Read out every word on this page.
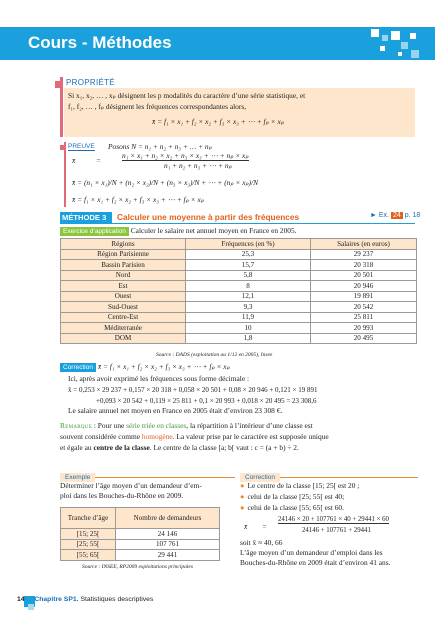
Cours - Méthodes
PROPRIÉTÉ
Si x₁, x₂, … , xₚ désignent les p modalités du caractère d’une série statistique, et
f₁, f₂, … , fₚ désignent les fréquences correspondantes alors,
x̄ = f₁ × x₁ + f₂ × x₂ + f₃ × x₃ + ⋯ + fₚ × xₚ
PREUVE Posons N = n₁ + n₂ + n₃ + … + nₚ
x̄	=
n₁ × x₁ + n₂ × x₂ + n₃ × x₃ + ⋯ + nₚ × xₚ
n₁ + n₂ + n₃ + ⋯ + nₚ
x̄ = (n₁ × x₁)/N + (n₂ × x₂)/N + (n₃ × x₃)/N + ⋯ + (nₚ × xₚ)/N
x̄ = f₁ × x₁ + f₂ × x₂ + f₃ × x₃ + ⋯ + fₚ × xₚ
MÉTHODE 3 Calculer une moyenne à partir des fréquences	► Ex. 24 p. 18
Exercice d’application Calculer le salaire net annuel moyen en France en 2005.
Régions	Fréquences (en %)	Salaires (en euros)
Région Parisienne	25,3	29 237
Bassin Parisien	15,7	20 318
Nord	5,8	20 501
Est	8	20 946
Ouest	12,1	19 891
Sud-Ouest	9,3	20 542
Centre-Est	11,9	25 811
Méditerranée	10	20 993
DOM	1,8	20 495
Source : DADS (exploitation au 1/12 en 2005), Insee
Correction x̄ = f₁ × x₁ + f₂ × x₂ + f₃ × x₃ + ⋯ + fₚ × xₚ
Ici, après avoir exprimé les fréquences sous forme décimale :
x̄ = 0,253 × 29 237 + 0,157 × 20 318 + 0,058 × 20 501 + 0,08 × 20 946 + 0,121 × 19 891
+0,093 × 20 542 + 0,119 × 25 811 + 0,1 × 20 993 + 0,018 × 20 495 = 23 308,6
Le salaire annuel net moyen en France en 2005 était d’environ 23 308 €.
Remarque : Pour une série triée en classes, la répartition à l’intérieur d’une classe est
souvent considérée comme homogène. La valeur prise par le caractère est supposée unique
et égale au centre de la classe. Le centre de la classe [a; b[ vaut : c = (a + b) ÷ 2.
Exemple
Déterminer l’âge moyen d’un demandeur d’em-
ploi dans les Bouches-du-Rhône en 2009.
Tranche d’âge	Nombre de demandeurs
[15; 25[	24 146
[25; 55[	107 761
[55; 65[	29 441
Source : INSEE, RP2009 exploitations principales
Correction
● Le centre de la classe [15; 25[ est 20 ;
● celui de la classe [25; 55[ est 40;
● celui de la classe [55; 65[ est 60.
x̄ =
24146 × 20 + 107761 × 40 + 29441 × 60
24146 + 107761 + 29441
soit x̄ ≈ 40, 66
L’âge moyen d’un demandeur d’emploi dans les
Bouches-du-Rhône en 2009 était d’environ 41 ans.
14 Chapitre SP1. Statistiques descriptives
